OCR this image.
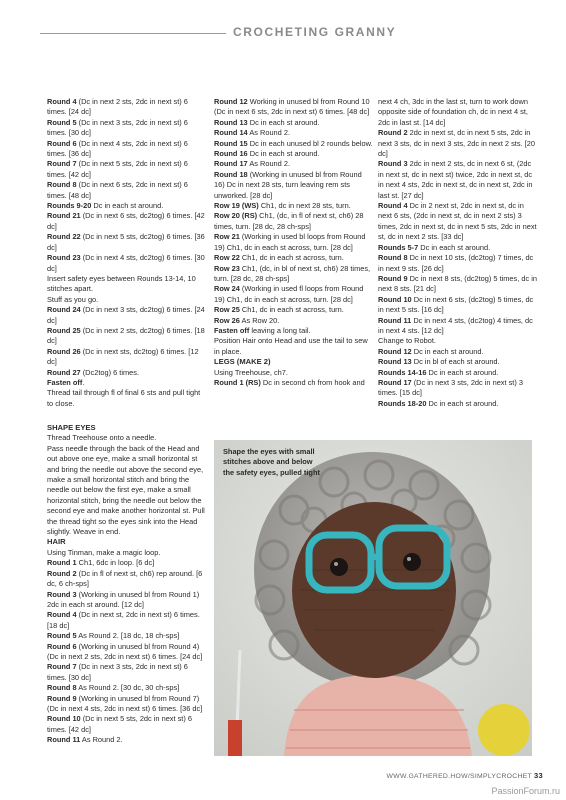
CROCHETING GRANNY

Round 4 (Dc in next 2 sts, 2dc in next st) 6 times. [24 dc]

Round 5 (Dc in next 3 sts, 2dc in next st) 6 times. [30 dc]

Round 6 (Dc in next 4 sts, 2dc in next st) 6 times. [36 dc]

Round 7 (Dc in next 5 sts, 2dc in next st) 6 times. [42 dc]

Round 8 (Dc in next 6 sts, 2dc in next st) 6 times. [48 dc]

Rounds 9-20 Dc in each st around.

Round 21 (Dc in next 6 sts, dc2tog) 6 times. [42 dc]

Round 22 (Dc in next 5 sts, dc2tog) 6 times. [36 dc]

Round 23 (Dc in next 4 sts, dc2tog) 6 times. [30 dc]

Insert safety eyes between Rounds 13-14, 10 stitches apart.

Stuff as you go.

Round 24 (Dc in next 3 sts, dc2tog) 6 times. [24 dc]

Round 25 (Dc in next 2 sts, dc2tog) 6 times. [18 dc]

Round 26 (Dc in next sts, dc2tog) 6 times. [12 dc]

Round 27 (Dc2tog) 6 times.

Fasten off.

Thread tail through fl of final 6 sts and pull tight to close.

Round 12 Working in unused bl from Round 10 (Dc in next 6 sts, 2dc in next st) 6 times. [48 dc]

Round 13 Dc in each st around.

Round 14 As Round 2.

Round 15 Dc in each unused bl 2 rounds below.

Round 16 Dc in each st around.

Round 17 As Round 2.

Round 18 (Working in unused bl from Round 16) Dc in next 28 sts, turn leaving rem sts unworked. [28 dc]

Row 19 (WS) Ch1, dc in next 28 sts, turn.

Row 20 (RS) Ch1, (dc, in fl of next st, ch6) 28 times, turn. [28 dc, 28 ch-sps]

Row 21 (Working in used bl loops from Round 19) Ch1, dc in each st across, turn. [28 dc]

Row 22 Ch1, dc in each st across, turn.

Row 23 Ch1, (dc, in bl of next st, ch6) 28 times, turn. [28 dc, 28 ch-sps]

Row 24 (Working in used fl loops from Round 19) Ch1, dc in each st across, turn. [28 dc]

Row 25 Ch1, dc in each st across, turn.

Row 26 As Row 20.

Fasten off leaving a long tail.

Position Hair onto Head and use the tail to sew in place.

LEGS (MAKE 2)

Using Treehouse, ch7.

Round 1 (RS) Dc in second ch from hook and

next 4 ch, 3dc in the last st, turn to work down opposite side of foundation ch, dc in next 4 st, 2dc in last st. [14 dc]

Round 2 2dc in next st, dc in next 5 sts, 2dc in next 3 sts, dc in next 3 sts, 2dc in next 2 sts. [20 dc]

Round 3 2dc in next 2 sts, dc in next 6 st, (2dc in next st, dc in next st) twice, 2dc in next st, dc in next 4 sts, 2dc in next st, dc in next st, 2dc in last st. [27 dc]

Round 4 Dc in 2 next st, 2dc in next st, dc in next 6 sts, (2dc in next st, dc in next 2 sts) 3 times, 2dc in next st, dc in next 5 sts, 2dc in next st, dc in next 2 sts. [33 dc]

Rounds 5-7 Dc in each st around.

Round 8 Dc in next 10 sts, (dc2tog) 7 times, dc in next 9 sts. [26 dc]

Round 9 Dc in next 8 sts, (dc2tog) 5 times, dc in next 8 sts. [21 dc]

Round 10 Dc in next 6 sts, (dc2tog) 5 times, dc in next 5 sts. [16 dc]

Round 11 Dc in next 4 sts, (dc2tog) 4 times, dc in next 4 sts. [12 dc]

Change to Robot.

Round 12 Dc in each st around.

Round 13 Dc in bl of each st around.

Rounds 14-16 Dc in each st around.

Round 17 (Dc in next 3 sts, 2dc in next st) 3 times. [15 dc]

Rounds 18-20 Dc in each st around.

SHAPE EYES

Thread Treehouse onto a needle.

Pass needle through the back of the Head and out above one eye, make a small horizontal st and bring the needle out above the second eye, make a small horizontal stitch and bring the needle out below the first eye, make a small horizontal stitch, bring the needle out below the second eye and make another horizontal st. Pull the thread tight so the eyes sink into the Head slightly. Weave in end.

HAIR

Using Tinman, make a magic loop.

Round 1 Ch1, 6dc in loop. [6 dc]

Round 2 (Dc in fl of next st, ch6) rep around. [6 dc, 6 ch-sps]

Round 3 (Working in unused bl from Round 1) 2dc in each st around. [12 dc]

Round 4 (Dc in next st, 2dc in next st) 6 times. [18 dc]

Round 5 As Round 2. [18 dc, 18 ch-sps]

Round 6 (Working in unused bl from Round 4) (Dc in next 2 sts, 2dc in next st) 6 times. [24 dc]

Round 7 (Dc in next 3 sts, 2dc in next st) 6 times. [30 dc]

Round 8 As Round 2. [30 dc, 30 ch-sps]

Round 9 (Working in unused bl from Round 7) (Dc in next 4 sts, 2dc in next st) 6 times. [36 dc]

Round 10 (Dc in next 5 sts, 2dc in next st) 6 times. [42 dc]

Round 11 As Round 2.

Shape the eyes with small stitches above and below the safety eyes, pulled tight
WWW.GATHERED.HOW/SIMPLYCROCHET 33
PassionForum.ru
